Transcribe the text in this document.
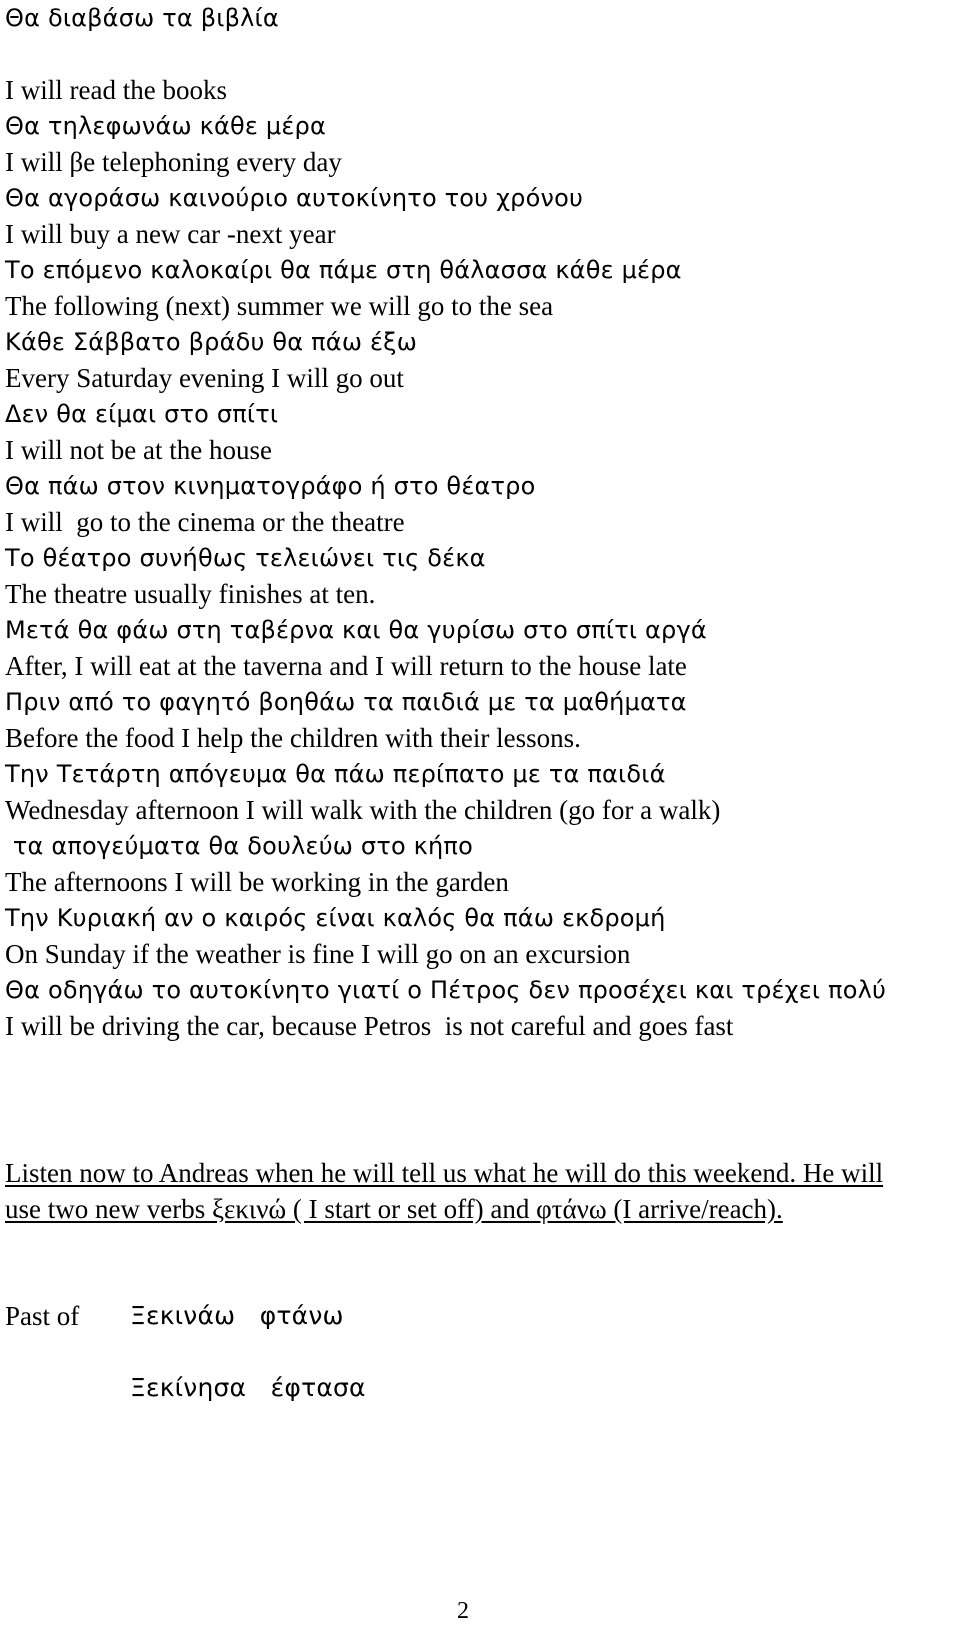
Θα διαβάσω τα βιβλία
I will read the books
Θα τηλεφωνάω κάθε μέρα
I will βe telephoning every day
Θα αγοράσω καινούριο αυτοκίνητο του χρόνου
I will buy a new car -next year
Το επόμενο καλοκαίρι θα πάμε στη θάλασσα κάθε μέρα
The following (next) summer we will go to the sea
Κάθε Σάββατο βράδυ θα πάω έξω
Every Saturday evening I will go out
Δεν θα είμαι στο σπίτι
I will not be at the house
Θα πάω στον κινηματογράφο ή στο θέατρο
I will  go to the cinema or the theatre
Το θέατρο συνήθως τελειώνει τις δέκα
The theatre usually finishes at ten.
Μετά θα φάω στη ταβέρνα και θα γυρίσω στο σπίτι αργά
After, I will eat at the taverna and I will return to the house late
Πριν από το φαγητό βοηθάω τα παιδιά με τα μαθήματα
Before the food I help the children with their lessons.
Την Τετάρτη απόγευμα θα πάω περίπατο με τα παιδιά
Wednesday afternoon I will walk with the children (go for a walk)
τα απογεύματα θα δουλεύω στο κήπο
The afternoons I will be working in the garden
Την Κυριακή αν ο καιρός είναι καλός θα πάω εκδρομή
On Sunday if the weather is fine I will go on an excursion
Θα οδηγάω το αυτοκίνητο γιατί ο Πέτρος δεν προσέχει και τρέχει πολύ
I will be driving the car, because Petros  is not careful and goes fast
Listen now to Andreas when he will tell us what he will do this weekend. He will use two new verbs ξεκινώ ( I start or set off) and φτάνω (I arrive/reach).
Past of Ξεκινάω   φτάνω
Ξεκίνησα   έφτασα
2
